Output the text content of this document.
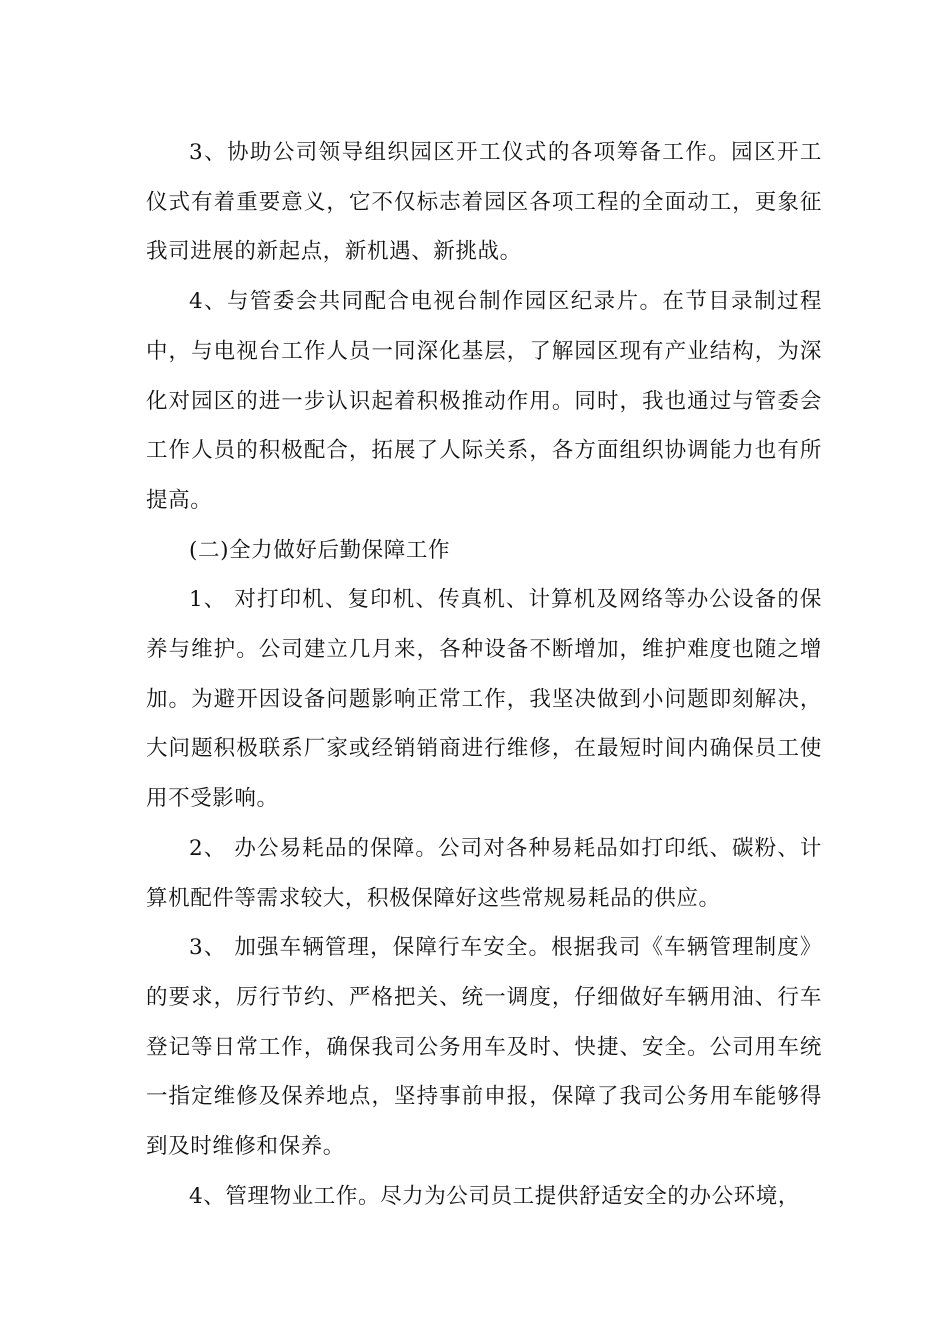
3、协助公司领导组织园区开工仪式的各项筹备工作。园区开工仪式有着重要意义，它不仅标志着园区各项工程的全面动工，更象征我司进展的新起点，新机遇、新挑战。

4、与管委会共同配合电视台制作园区纪录片。在节目录制过程中，与电视台工作人员一同深化基层，了解园区现有产业结构，为深化对园区的进一步认识起着积极推动作用。同时，我也通过与管委会工作人员的积极配合，拓展了人际关系，各方面组织协调能力也有所提高。

(二)全力做好后勤保障工作

1、 对打印机、复印机、传真机、计算机及网络等办公设备的保养与维护。公司建立几月来，各种设备不断增加，维护难度也随之增加。为避开因设备问题影响正常工作，我坚决做到小问题即刻解决，大问题积极联系厂家或经销销商进行维修，在最短时间内确保员工使用不受影响。

2、 办公易耗品的保障。公司对各种易耗品如打印纸、碳粉、计算机配件等需求较大，积极保障好这些常规易耗品的供应。

3、 加强车辆管理，保障行车安全。根据我司《车辆管理制度》的要求，厉行节约、严格把关、统一调度，仔细做好车辆用油、行车登记等日常工作，确保我司公务用车及时、快捷、安全。公司用车统一指定维修及保养地点，坚持事前申报，保障了我司公务用车能够得到及时维修和保养。

4、管理物业工作。尽力为公司员工提供舒适安全的办公环境，
